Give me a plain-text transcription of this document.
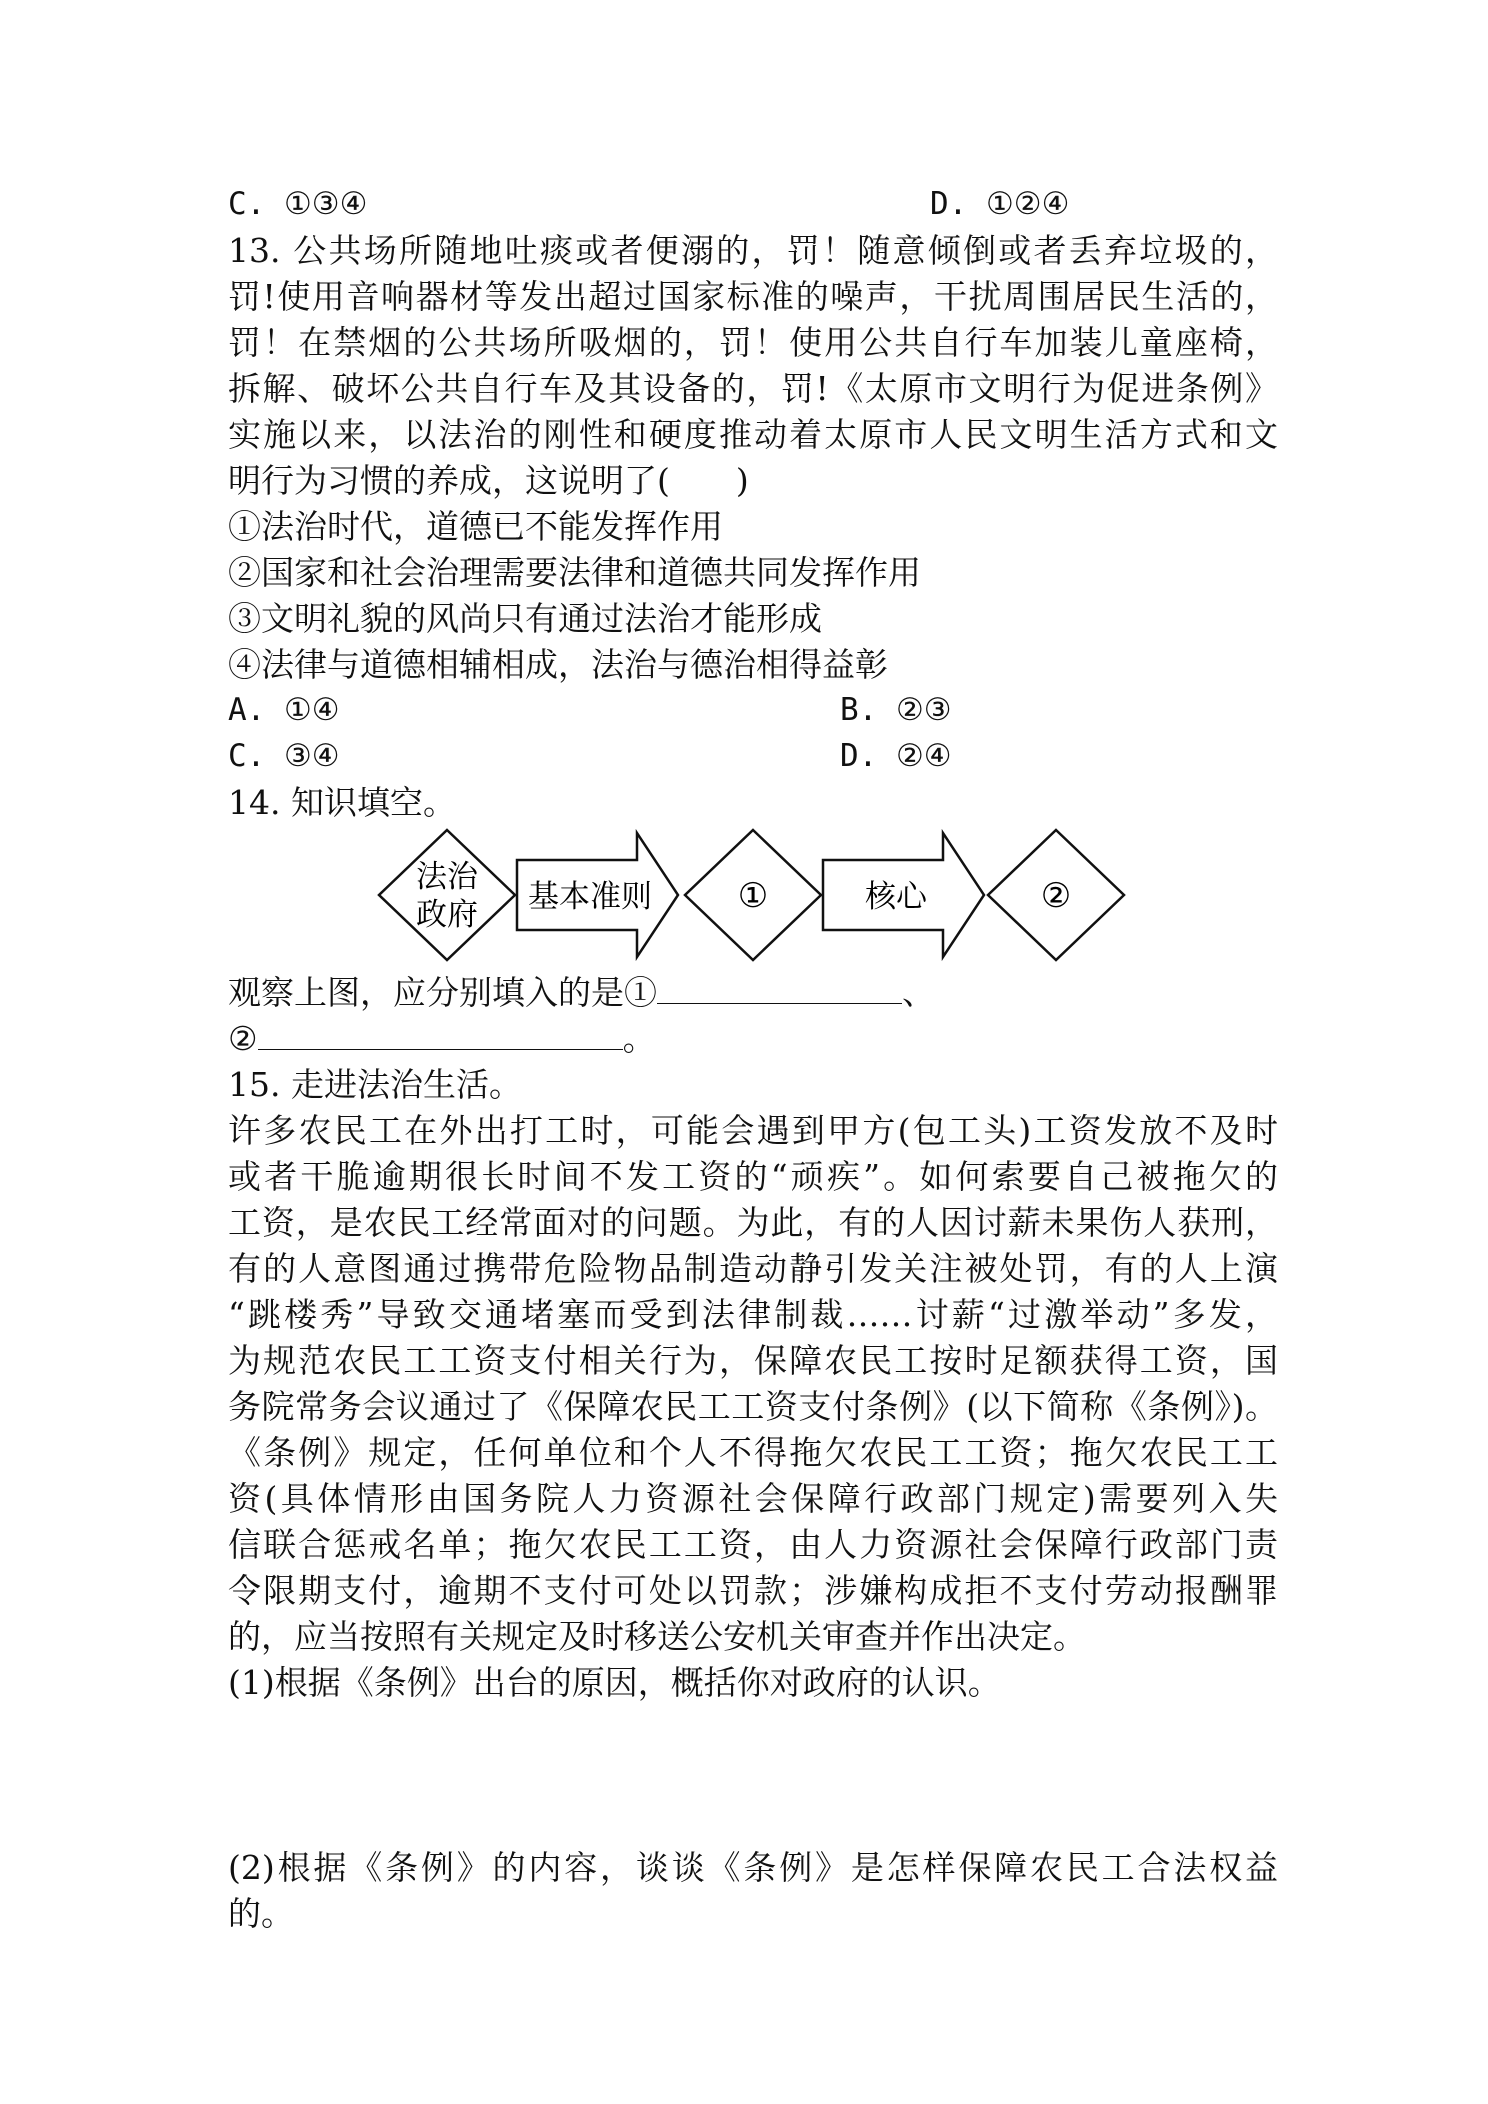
C. ①③④	D. ①②④
13. 公共场所随地吐痰或者便溺的，罚！随意倾倒或者丢弃垃圾的，
罚!使用音响器材等发出超过国家标准的噪声，干扰周围居民生活的，
罚！在禁烟的公共场所吸烟的，罚！使用公共自行车加装儿童座椅，
拆解、破坏公共自行车及其设备的，罚!《太原市文明行为促进条例》
实施以来，以法治的刚性和硬度推动着太原市人民文明生活方式和文
明行为习惯的养成，这说明了(　　)
①法治时代，道德已不能发挥作用
②国家和社会治理需要法律和道德共同发挥作用
③文明礼貌的风尚只有通过法治才能形成
④法律与道德相辅相成，法治与德治相得益彰
A. ①④	B. ②③
C. ③④	D. ②④
14. 知识填空。
法治
政府 基本准则	①	核心	②
观察上图，应分别填入的是①	、
②	。
15. 走进法治生活。
许多农民工在外出打工时，可能会遇到甲方(包工头)工资发放不及时
或者干脆逾期很长时间不发工资的“顽疾”。如何索要自己被拖欠的
工资，是农民工经常面对的问题。为此，有的人因讨薪未果伤人获刑，
有的人意图通过携带危险物品制造动静引发关注被处罚，有的人上演
“跳楼秀”导致交通堵塞而受到法律制裁……讨薪“过激举动”多发，
为规范农民工工资支付相关行为，保障农民工按时足额获得工资，国
务院常务会议通过了《保障农民工工资支付条例》(以下简称《条例》)。
《条例》规定，任何单位和个人不得拖欠农民工工资；拖欠农民工工
资(具体情形由国务院人力资源社会保障行政部门规定)需要列入失
信联合惩戒名单；拖欠农民工工资，由人力资源社会保障行政部门责
令限期支付，逾期不支付可处以罚款；涉嫌构成拒不支付劳动报酬罪
的，应当按照有关规定及时移送公安机关审查并作出决定。
(1)根据《条例》出台的原因，概括你对政府的认识。
(2)根据《条例》的内容，谈谈《条例》是怎样保障农民工合法权益
的。
